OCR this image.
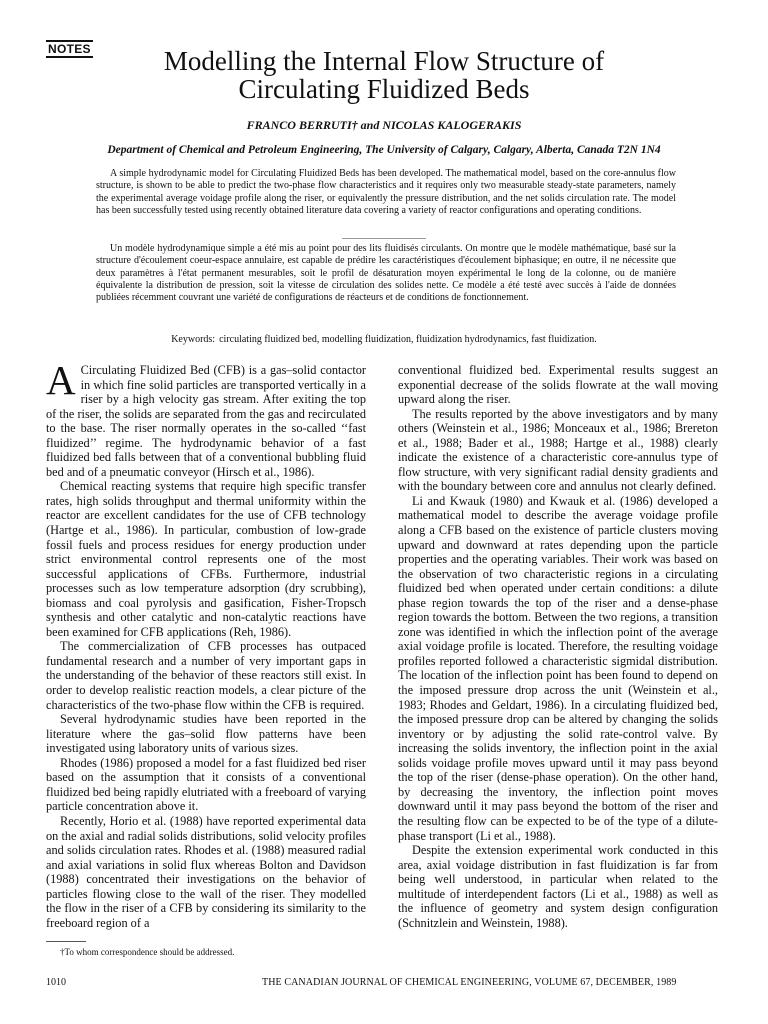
NOTES	Modelling the Internal Flow Structure of
Circulating Fluidized Beds

FRANCO BERRUTI† and NICOLAS KALOGERAKIS

Department of Chemical and Petroleum Engineering, The University of Calgary, Calgary, Alberta, Canada T2N 1N4

A simple hydrodynamic model for Circulating Fluidized Beds has been developed. The mathematical model, based on the core-annulus flow structure, is shown to be able to predict the two-phase flow characteristics and it requires only two measurable steady-state parameters, namely the experimental average voidage profile along the riser, or equivalently the pressure distribution, and the net solids circulation rate. The model has been successfully tested using recently obtained literature data covering a variety of reactor configurations and operating conditions.

Un modèle hydrodynamique simple a été mis au point pour des lits fluidisés circulants. On montre que le modèle mathématique, basé sur la structure d'écoulement coeur-espace annulaire, est capable de prédire les caractéristiques d'écoulement biphasique; en outre, il ne nécessite que deux paramètres à l'état permanent mesurables, soit le profil de désaturation moyen expérimental le long de la colonne, ou de manière équivalente la distribution de pression, soit la vitesse de circulation des solides nette. Ce modèle a été testé avec succès à l'aide de données publiées récemment couvrant une variété de configurations de réacteurs et de conditions de fonctionnement.

Keywords: circulating fluidized bed, modelling fluidization, fluidization hydrodynamics, fast fluidization.

A Circulating Fluidized Bed (CFB) is a gas–solid contactor in which fine solid particles are transported vertically in a riser by a high velocity gas stream. After exiting the top of the riser, the solids are separated from the gas and recirculated to the base. The riser normally operates in the so-called ‘‘fast fluidized’’ regime. The hydrodynamic behavior of a fast fluidized bed falls between that of a conventional bubbling fluid bed and of a pneumatic conveyor (Hirsch et al., 1986).

Chemical reacting systems that require high specific transfer rates, high solids throughput and thermal uniformity within the reactor are excellent candidates for the use of CFB technology (Hartge et al., 1986). In particular, combustion of low-grade fossil fuels and process residues for energy production under strict environmental control represents one of the most successful applications of CFBs. Furthermore, industrial processes such as low temperature adsorption (dry scrubbing), biomass and coal pyrolysis and gasification, Fisher-Tropsch synthesis and other catalytic and non-catalytic reactions have been examined for CFB applications (Reh, 1986).

The commercialization of CFB processes has outpaced fundamental research and a number of very important gaps in the understanding of the behavior of these reactors still exist. In order to develop realistic reaction models, a clear picture of the characteristics of the two-phase flow within the CFB is required.

Several hydrodynamic studies have been reported in the literature where the gas–solid flow patterns have been investigated using laboratory units of various sizes.

Rhodes (1986) proposed a model for a fast fluidized bed riser based on the assumption that it consists of a conventional fluidized bed being rapidly elutriated with a freeboard of varying particle concentration above it.

Recently, Horio et al. (1988) have reported experimental data on the axial and radial solids distributions, solid velocity profiles and solids circulation rates. Rhodes et al. (1988) measured radial and axial variations in solid flux whereas Bolton and Davidson (1988) concentrated their investigations on the behavior of particles flowing close to the wall of the riser. They modelled the flow in the riser of a CFB by considering its similarity to the freeboard region of a

conventional fluidized bed. Experimental results suggest an exponential decrease of the solids flowrate at the wall moving upward along the riser.

The results reported by the above investigators and by many others (Weinstein et al., 1986; Monceaux et al., 1986; Brereton et al., 1988; Bader et al., 1988; Hartge et al., 1988) clearly indicate the existence of a characteristic core-annulus type of flow structure, with very significant radial density gradients and with the boundary between core and annulus not clearly defined.

Li and Kwauk (1980) and Kwauk et al. (1986) developed a mathematical model to describe the average voidage profile along a CFB based on the existence of particle clusters moving upward and downward at rates depending upon the particle properties and the operating variables. Their work was based on the observation of two characteristic regions in a circulating fluidized bed when operated under certain conditions: a dilute phase region towards the top of the riser and a dense-phase region towards the bottom. Between the two regions, a transition zone was identified in which the inflection point of the average axial voidage profile is located. Therefore, the resulting voidage profiles reported followed a characteristic sigmidal distribution. The location of the inflection point has been found to depend on the imposed pressure drop across the unit (Weinstein et al., 1983; Rhodes and Geldart, 1986). In a circulating fluidized bed, the imposed pressure drop can be altered by changing the solids inventory or by adjusting the solid rate-control valve. By increasing the solids inventory, the inflection point in the axial solids voidage profile moves upward until it may pass beyond the top of the riser (dense-phase operation). On the other hand, by decreasing the inventory, the inflection point moves downward until it may pass beyond the bottom of the riser and the resulting flow can be expected to be of the type of a dilute-phase transport (Li et al., 1988).

Despite the extension experimental work conducted in this area, axial voidage distribution in fast fluidization is far from being well understood, in particular when related to the multitude of interdependent factors (Li et al., 1988) as well as the influence of geometry and system design configuration (Schnitzlein and Weinstein, 1988).

†To whom correspondence should be addressed.

1010	THE CANADIAN JOURNAL OF CHEMICAL ENGINEERING, VOLUME 67, DECEMBER, 1989
